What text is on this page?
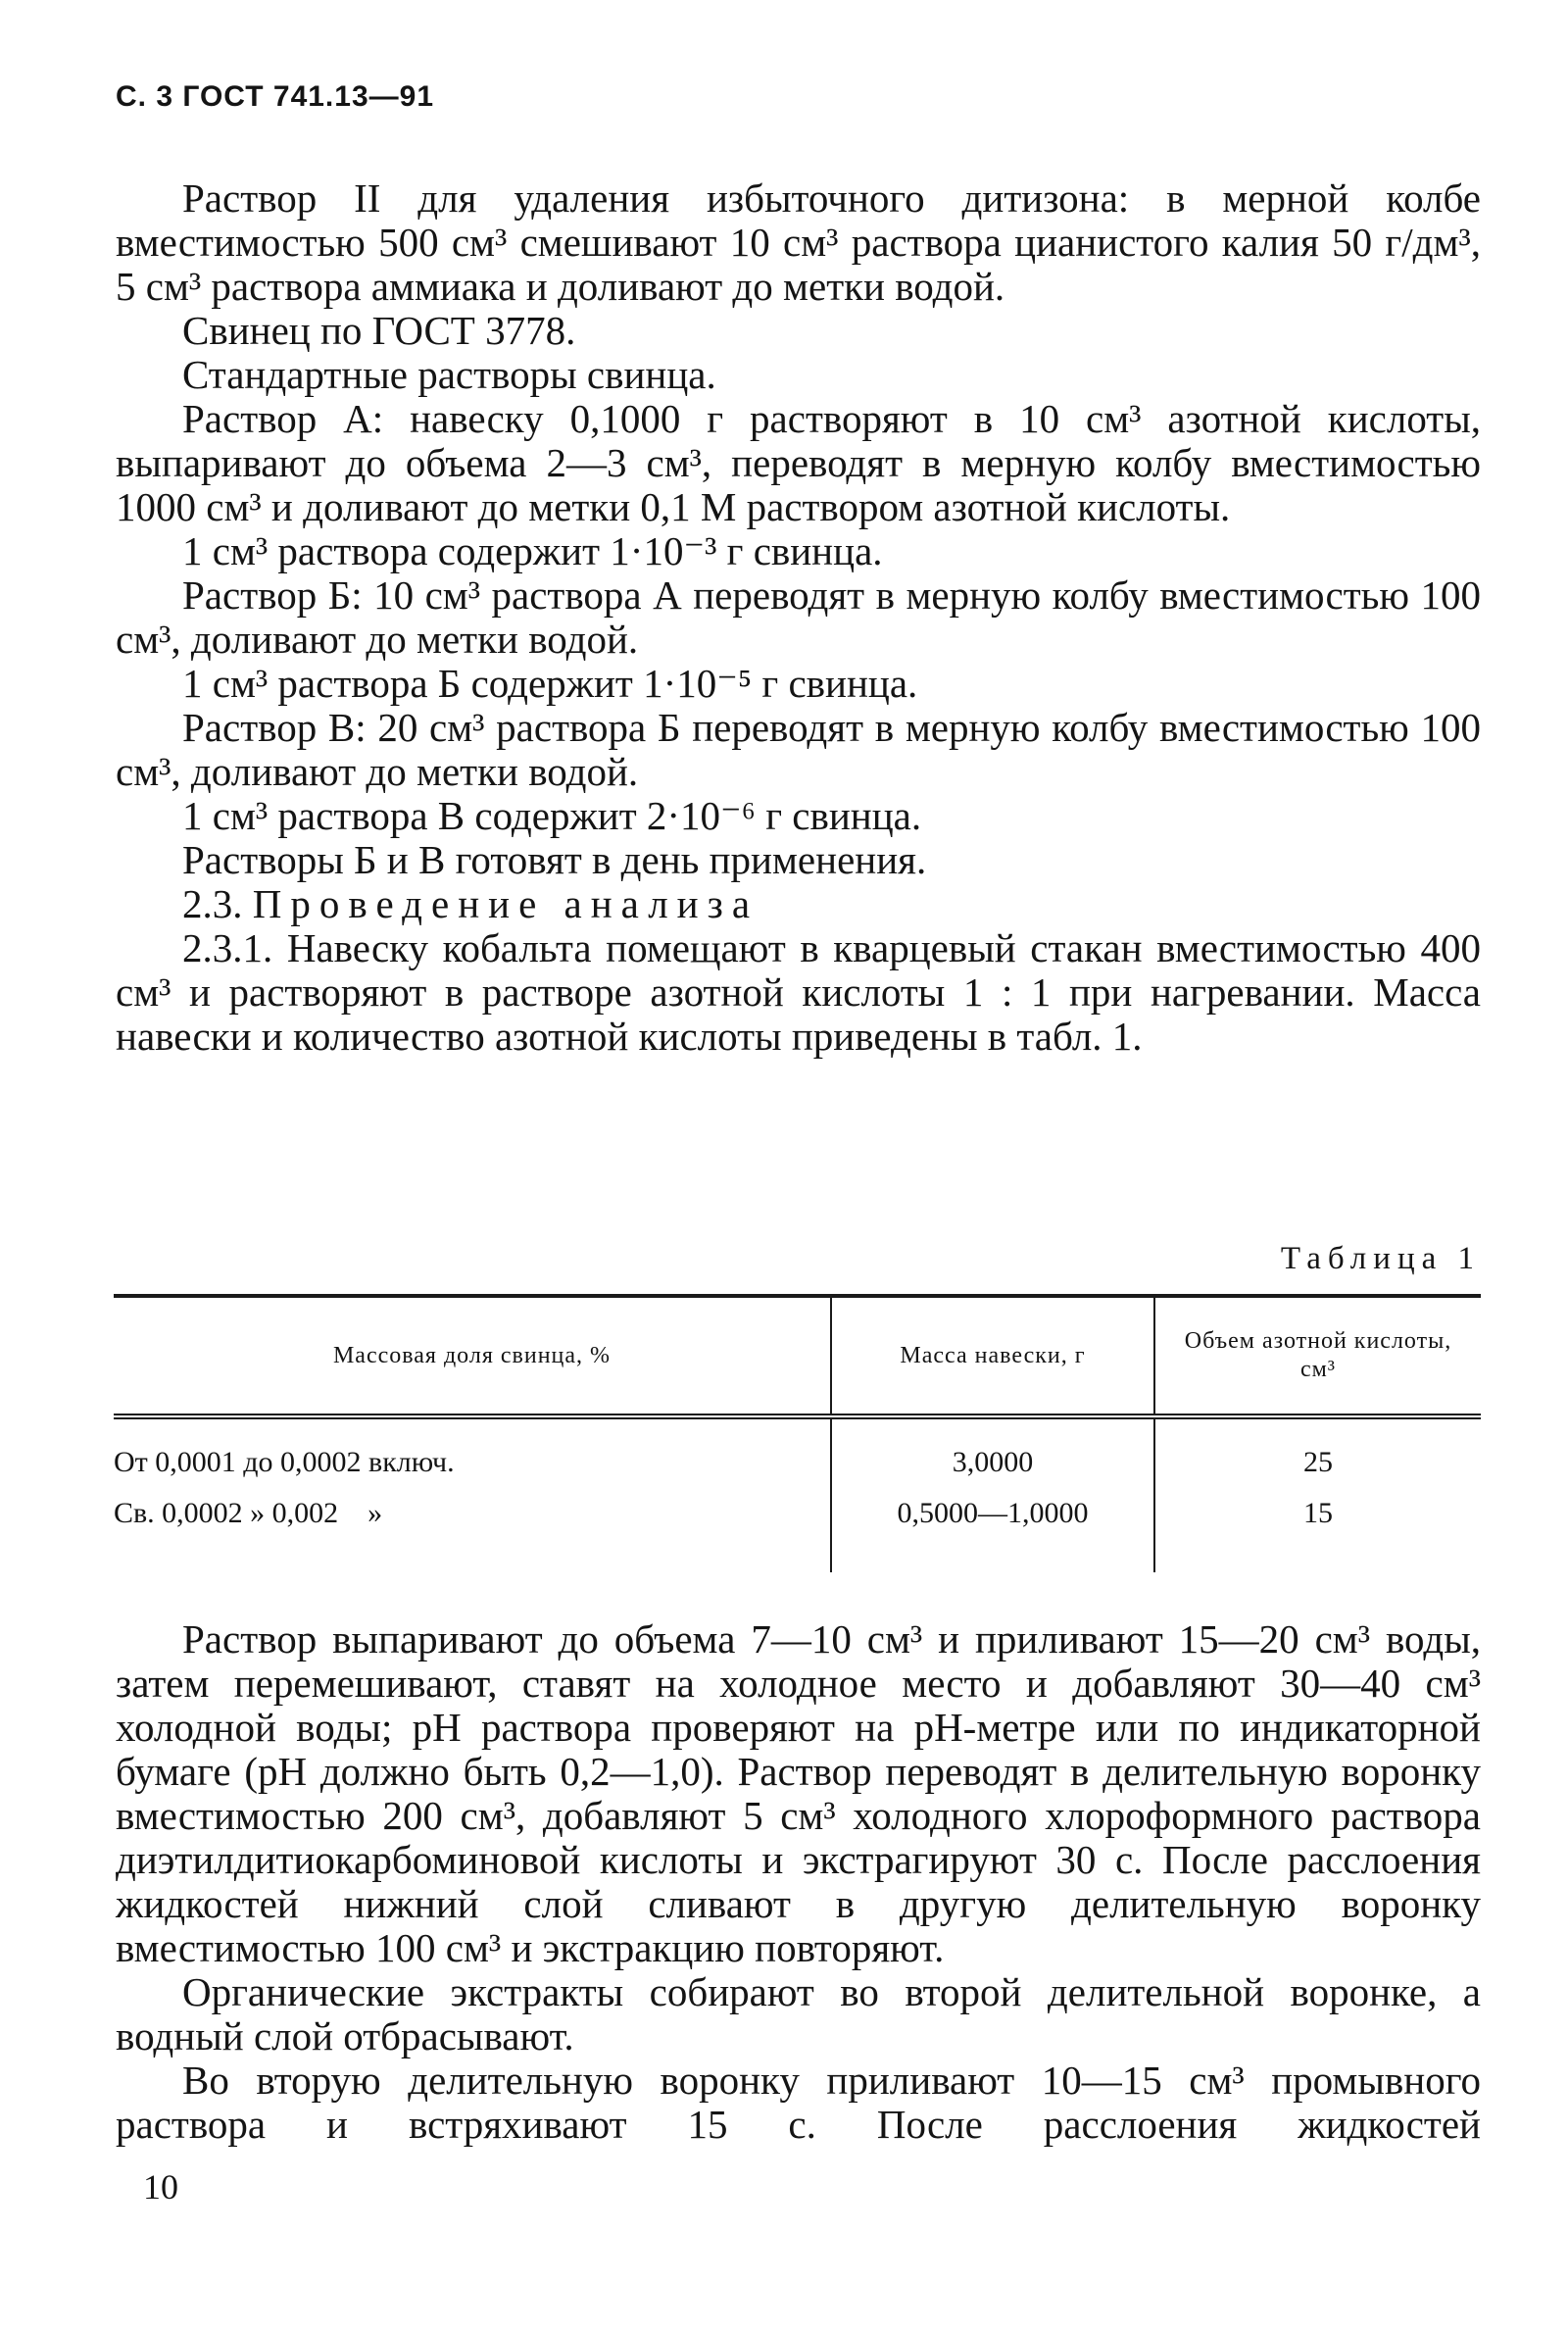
С. 3 ГОСТ 741.13—91

Раствор II для удаления избыточного дитизона: в мерной колбе вместимостью 500 см³ смешивают 10 см³ раствора цианистого калия 50 г/дм³, 5 см³ раствора аммиака и доливают до метки водой.

Свинец по ГОСТ 3778.

Стандартные растворы свинца.

Раствор А: навеску 0,1000 г растворяют в 10 см³ азотной кислоты, выпаривают до объема 2—3 см³, переводят в мерную колбу вместимостью 1000 см³ и доливают до метки 0,1 М раствором азотной кислоты.

1 см³ раствора содержит 1·10⁻³ г свинца.

Раствор Б: 10 см³ раствора А переводят в мерную колбу вместимостью 100 см³, доливают до метки водой.

1 см³ раствора Б содержит 1·10⁻⁵ г свинца.

Раствор В: 20 см³ раствора Б переводят в мерную колбу вместимостью 100 см³, доливают до метки водой.

1 см³ раствора В содержит 2·10⁻⁶ г свинца.

Растворы Б и В готовят в день применения.

2.3. Проведение анализа

2.3.1. Навеску кобальта помещают в кварцевый стакан вместимостью 400 см³ и растворяют в растворе азотной кислоты 1 : 1 при нагревании. Масса навески и количество азотной кислоты приведены в табл. 1.

Таблица 1
Массовая доля свинца, %	Масса навески, г	Объем азотной кислоты, см³
От 0,0001 до 0,0002 включ.	3,0000	25
Св. 0,0002 » 0,002    »	0,5000—1,0000	15

Раствор выпаривают до объема 7—10 см³ и приливают 15—20 см³ воды, затем перемешивают, ставят на холодное место и добавляют 30—40 см³ холодной воды; pH раствора проверяют на pH-метре или по индикаторной бумаге (pH должно быть 0,2—1,0). Раствор переводят в делительную воронку вместимостью 200 см³, добавляют 5 см³ холодного хлороформного раствора диэтилдитиокарбоминовой кислоты и экстрагируют 30 с. После расслоения жидкостей нижний слой сливают в другую делительную воронку вместимостью 100 см³ и экстракцию повторяют.

Органические экстракты собирают во второй делительной воронке, а водный слой отбрасывают.

Во вторую делительную воронку приливают 10—15 см³ промывного раствора и встряхивают 15 с. После расслоения жидкостей

10
